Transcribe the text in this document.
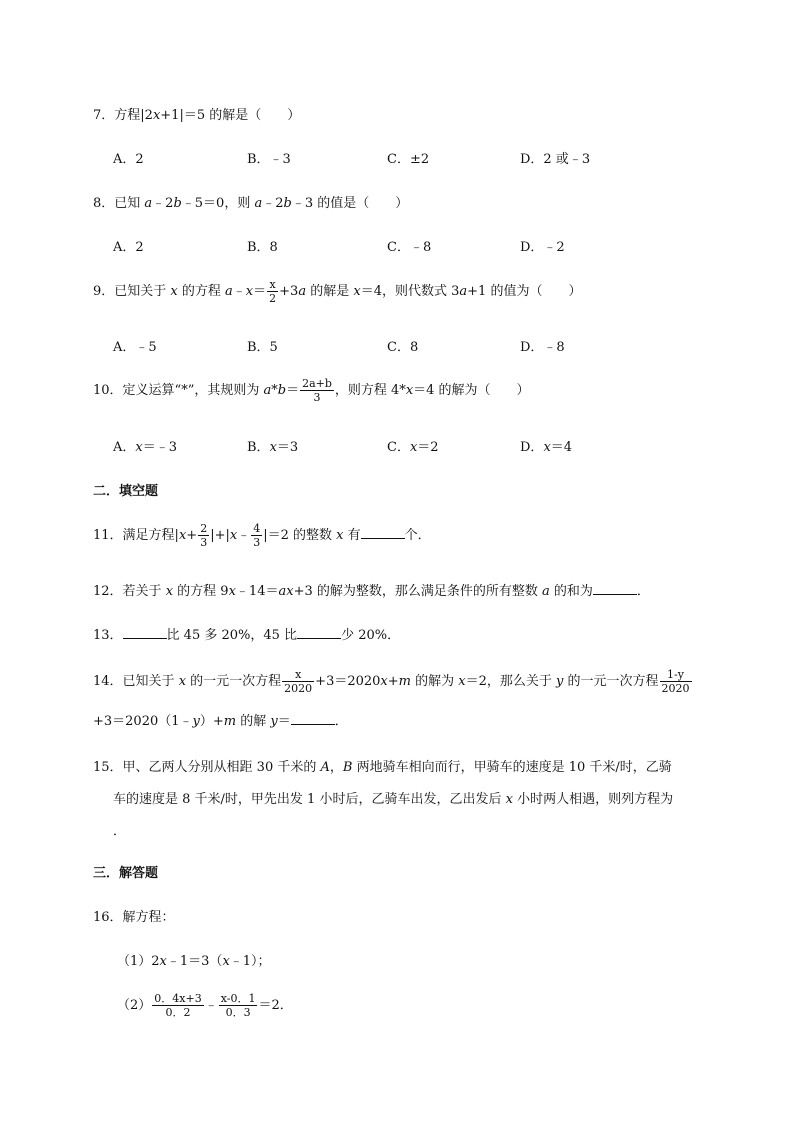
7．方程|2x+1|＝5 的解是（　　）
A．2	B．﹣3	C．±2	D．2 或﹣3
8．已知 a﹣2b﹣5＝0，则 a﹣2b﹣3 的值是（　　）
A．2	B．8	C．﹣8	D．﹣2
9．已知关于 x 的方程 a﹣x＝ $\frac{x}{2} +3a$ 的解是 x＝4，则代数式 3a+1 的值为（　　）
A．﹣5	B．5	C．8	D．﹣8
10．定义运算“*”，其规则为 $a*b= \frac{2a+b}{3}$ ，则方程 4*x＝4 的解为（　　）
A．x＝﹣3	B．x＝3	C．x＝2	D．x＝4
二．填空题
11．满足方程$|x+ \frac{2}{3}$ |+|x﹣ $\frac{4}{3} |=2$ 的整数 x 有	个．
12．若关于 x 的方程 9x﹣14＝ax+3 的解为整数，那么满足条件的所有整数 a 的和为	．
13．	比 45 多 20%，45 比	少 20%．
14．已知关于 x 的一元一次方程 $\frac{x}{2020} +3=2020x+m$ 的解为 x＝2，那么关于 y 的一元一次方程 $\frac{1-y}{2020}$
+3＝2020（1﹣y）+m 的解 y＝	．
15．甲、乙两人分别从相距 30 千米的 A，B 两地骑车相向而行，甲骑车的速度是 10 千米/时，乙骑
车的速度是 8 千米/时，甲先出发 1 小时后，乙骑车出发，乙出发后 x 小时两人相遇，则列方程为
．
三．解答题
16．解方程：
（1）2x﹣1＝3（x﹣1）；
$(2) \frac{0.4x+3}{0.2}$ ﹣ $\frac{x-0.1}{0.3} =2$．
